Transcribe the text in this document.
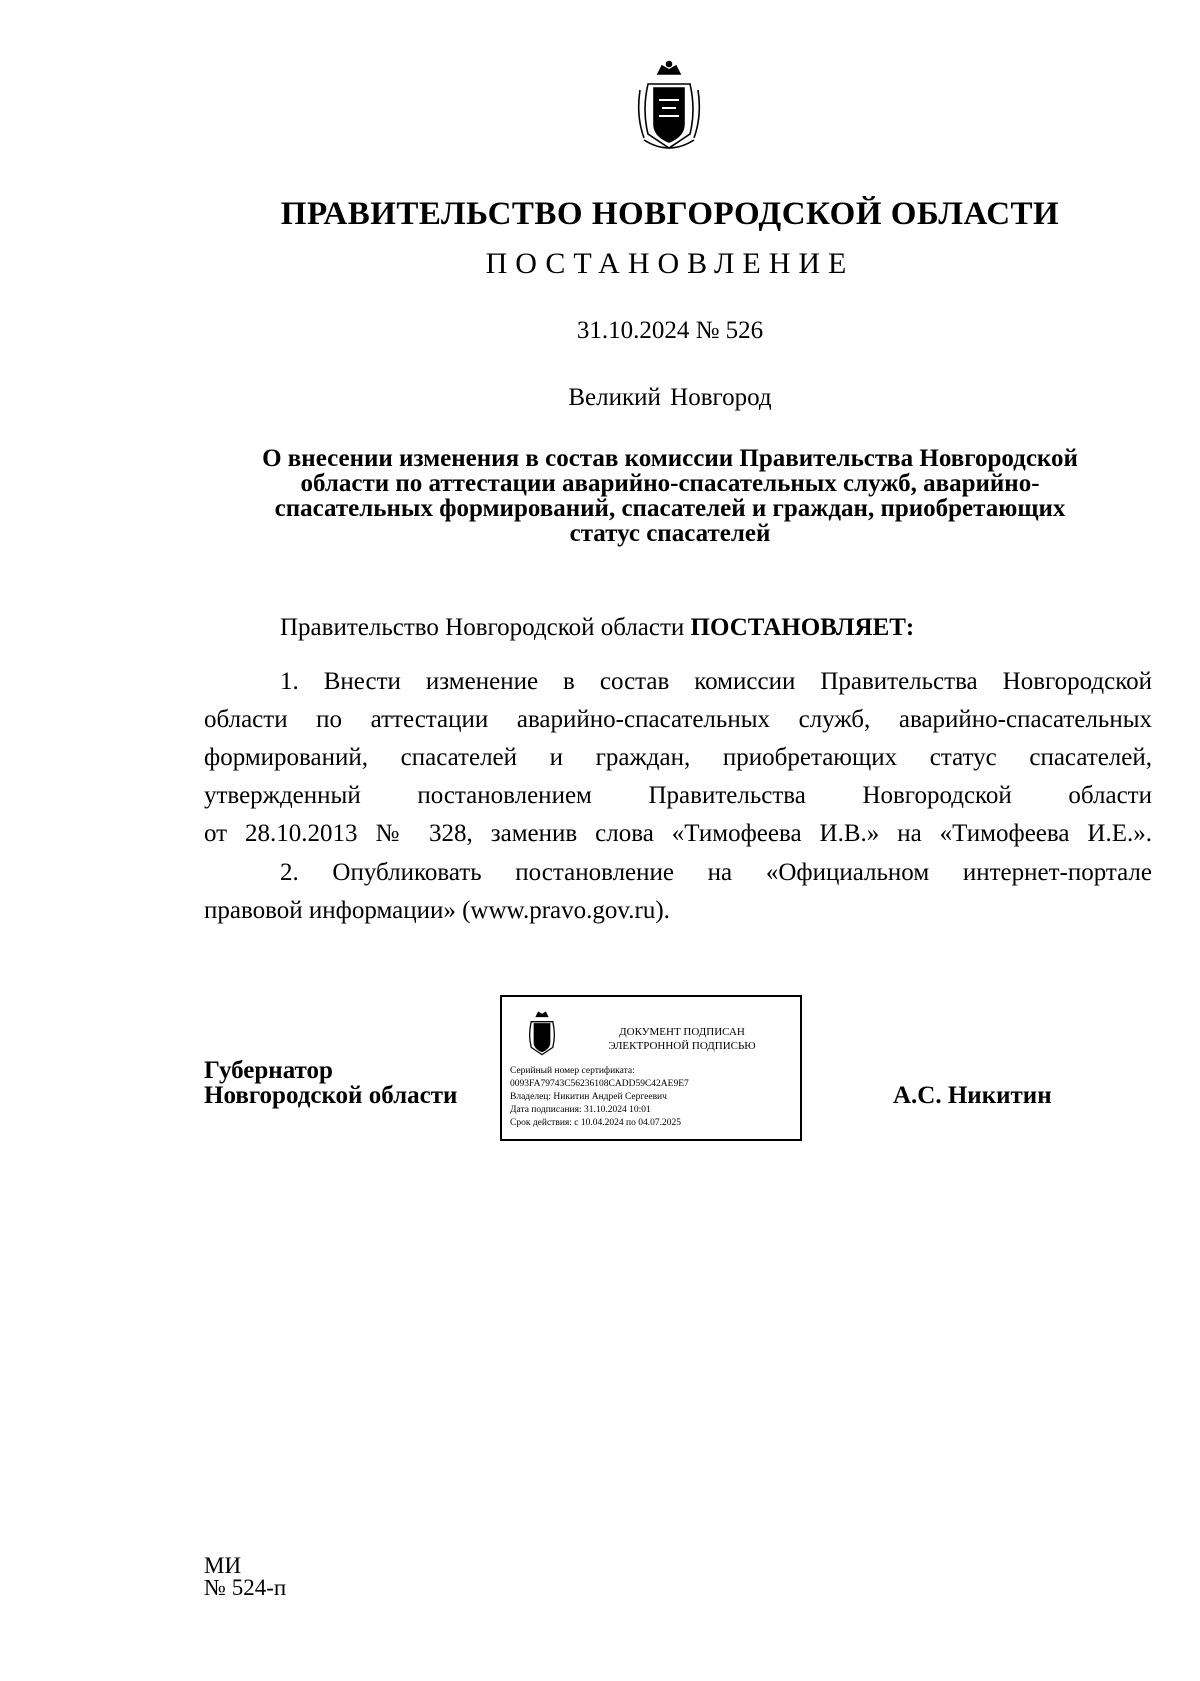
ПРАВИТЕЛЬСТВО НОВГОРОДСКОЙ ОБЛАСТИ
ПОСТАНОВЛЕНИЕ
31.10.2024 № 526
Великий Новгород
О внесении изменения в состав комиссии Правительства Новгородской
области по аттестации аварийно-спасательных служб, аварийно-
спасательных формирований, спасателей и граждан, приобретающих
статус спасателей
Правительство Новгородской области ПОСТАНОВЛЯЕТ:
1. Внести изменение в состав комиссии Правительства Новгородской
области по аттестации аварийно-спасательных служб, аварийно-спасательных
формирований, спасателей и граждан, приобретающих статус спасателей,
утвержденный постановлением Правительства Новгородской области
от 28.10.2013 № 328, заменив слова «Тимофеева И.В.» на «Тимофеева И.Е.».
2. Опубликовать постановление на «Официальном интернет-портале
правовой информации» (www.pravo.gov.ru).
Губернатор
Новгородской области
ДОКУМЕНТ ПОДПИСАН
ЭЛЕКТРОННОЙ ПОДПИСЬЮ
Серийный номер сертификата:
0093FA79743C56236108CADD59C42AE9E7
Владелец: Никитин Андрей Сергеевич
Дата подписания: 31.10.2024 10:01
Срок действия: с 10.04.2024 по 04.07.2025
А.С. Никитин
МИ
№ 524-п
